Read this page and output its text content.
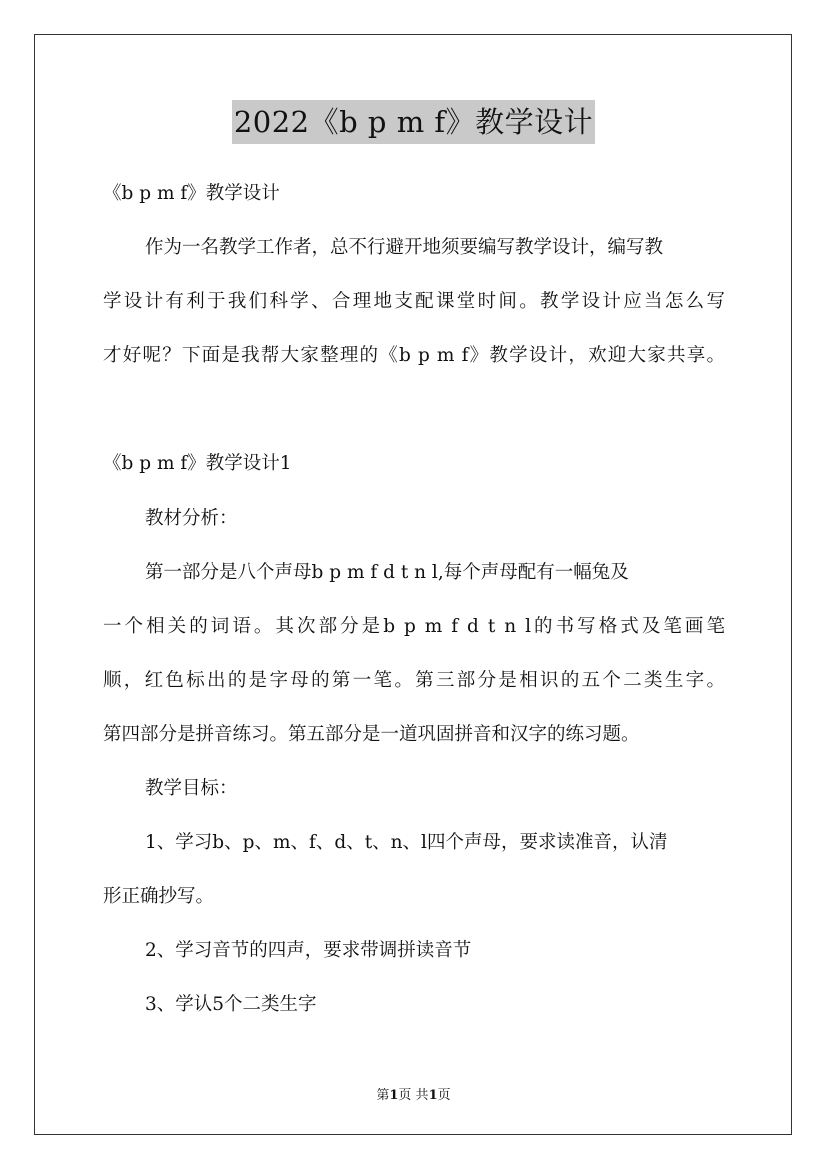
2022《b p m f》教学设计
《b p m f》教学设计
作为一名教学工作者，总不行避开地须要编写教学设计，编写教
学设计有利于我们科学、合理地支配课堂时间。教学设计应当怎么写
才好呢？下面是我帮大家整理的《b p m f》教学设计，欢迎大家共享。
《b p m f》教学设计1
教材分析：
第一部分是八个声母b p m f d t n l,每个声母配有一幅兔及
一个相关的词语。其次部分是b p m f d t n l的书写格式及笔画笔
顺，红色标出的是字母的第一笔。第三部分是相识的五个二类生字。
第四部分是拼音练习。第五部分是一道巩固拼音和汉字的练习题。
教学目标：
1、学习b、p、m、f、d、t、n、l四个声母，要求读准音，认清
形正确抄写。
2、学习音节的四声，要求带调拼读音节
3、学认5个二类生字
第1页 共1页
